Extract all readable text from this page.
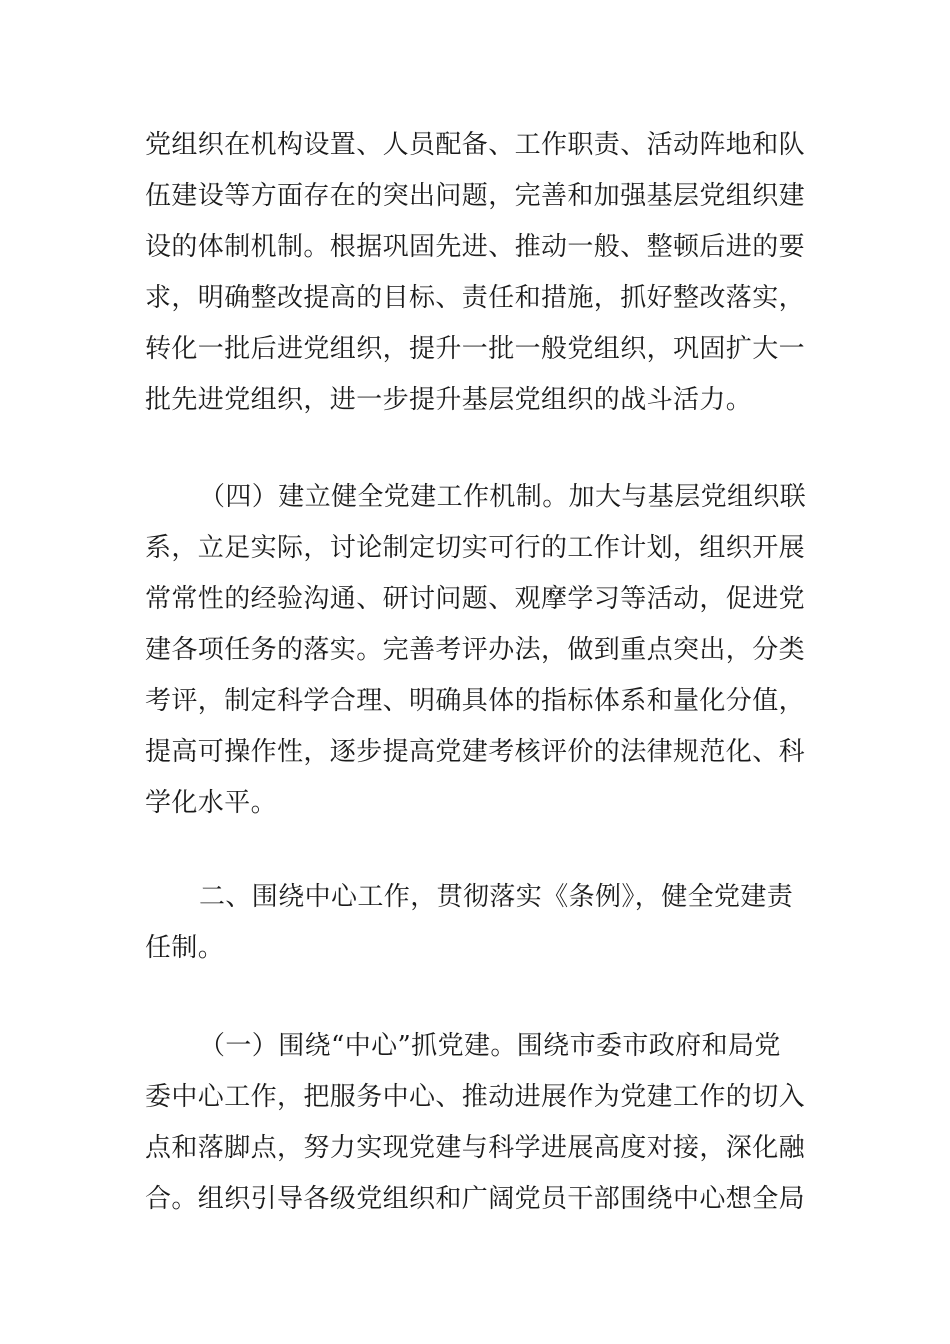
党组织在机构设置、人员配备、工作职责、活动阵地和队
伍建设等方面存在的突出问题，完善和加强基层党组织建
设的体制机制。根据巩固先进、推动一般、整顿后进的要
求，明确整改提高的目标、责任和措施，抓好整改落实，
转化一批后进党组织，提升一批一般党组织，巩固扩大一
批先进党组织，进一步提升基层党组织的战斗活力。
（四）建立健全党建工作机制。加大与基层党组织联
系，立足实际，讨论制定切实可行的工作计划，组织开展
常常性的经验沟通、研讨问题、观摩学习等活动，促进党
建各项任务的落实。完善考评办法，做到重点突出，分类
考评，制定科学合理、明确具体的指标体系和量化分值，
提高可操作性，逐步提高党建考核评价的法律规范化、科
学化水平。
二、围绕中心工作，贯彻落实《条例》，健全党建责
任制。
（一）围绕“中心”抓党建。围绕市委市政府和局党
委中心工作，把服务中心、推动进展作为党建工作的切入
点和落脚点，努力实现党建与科学进展高度对接，深化融
合。组织引导各级党组织和广阔党员干部围绕中心想全局
